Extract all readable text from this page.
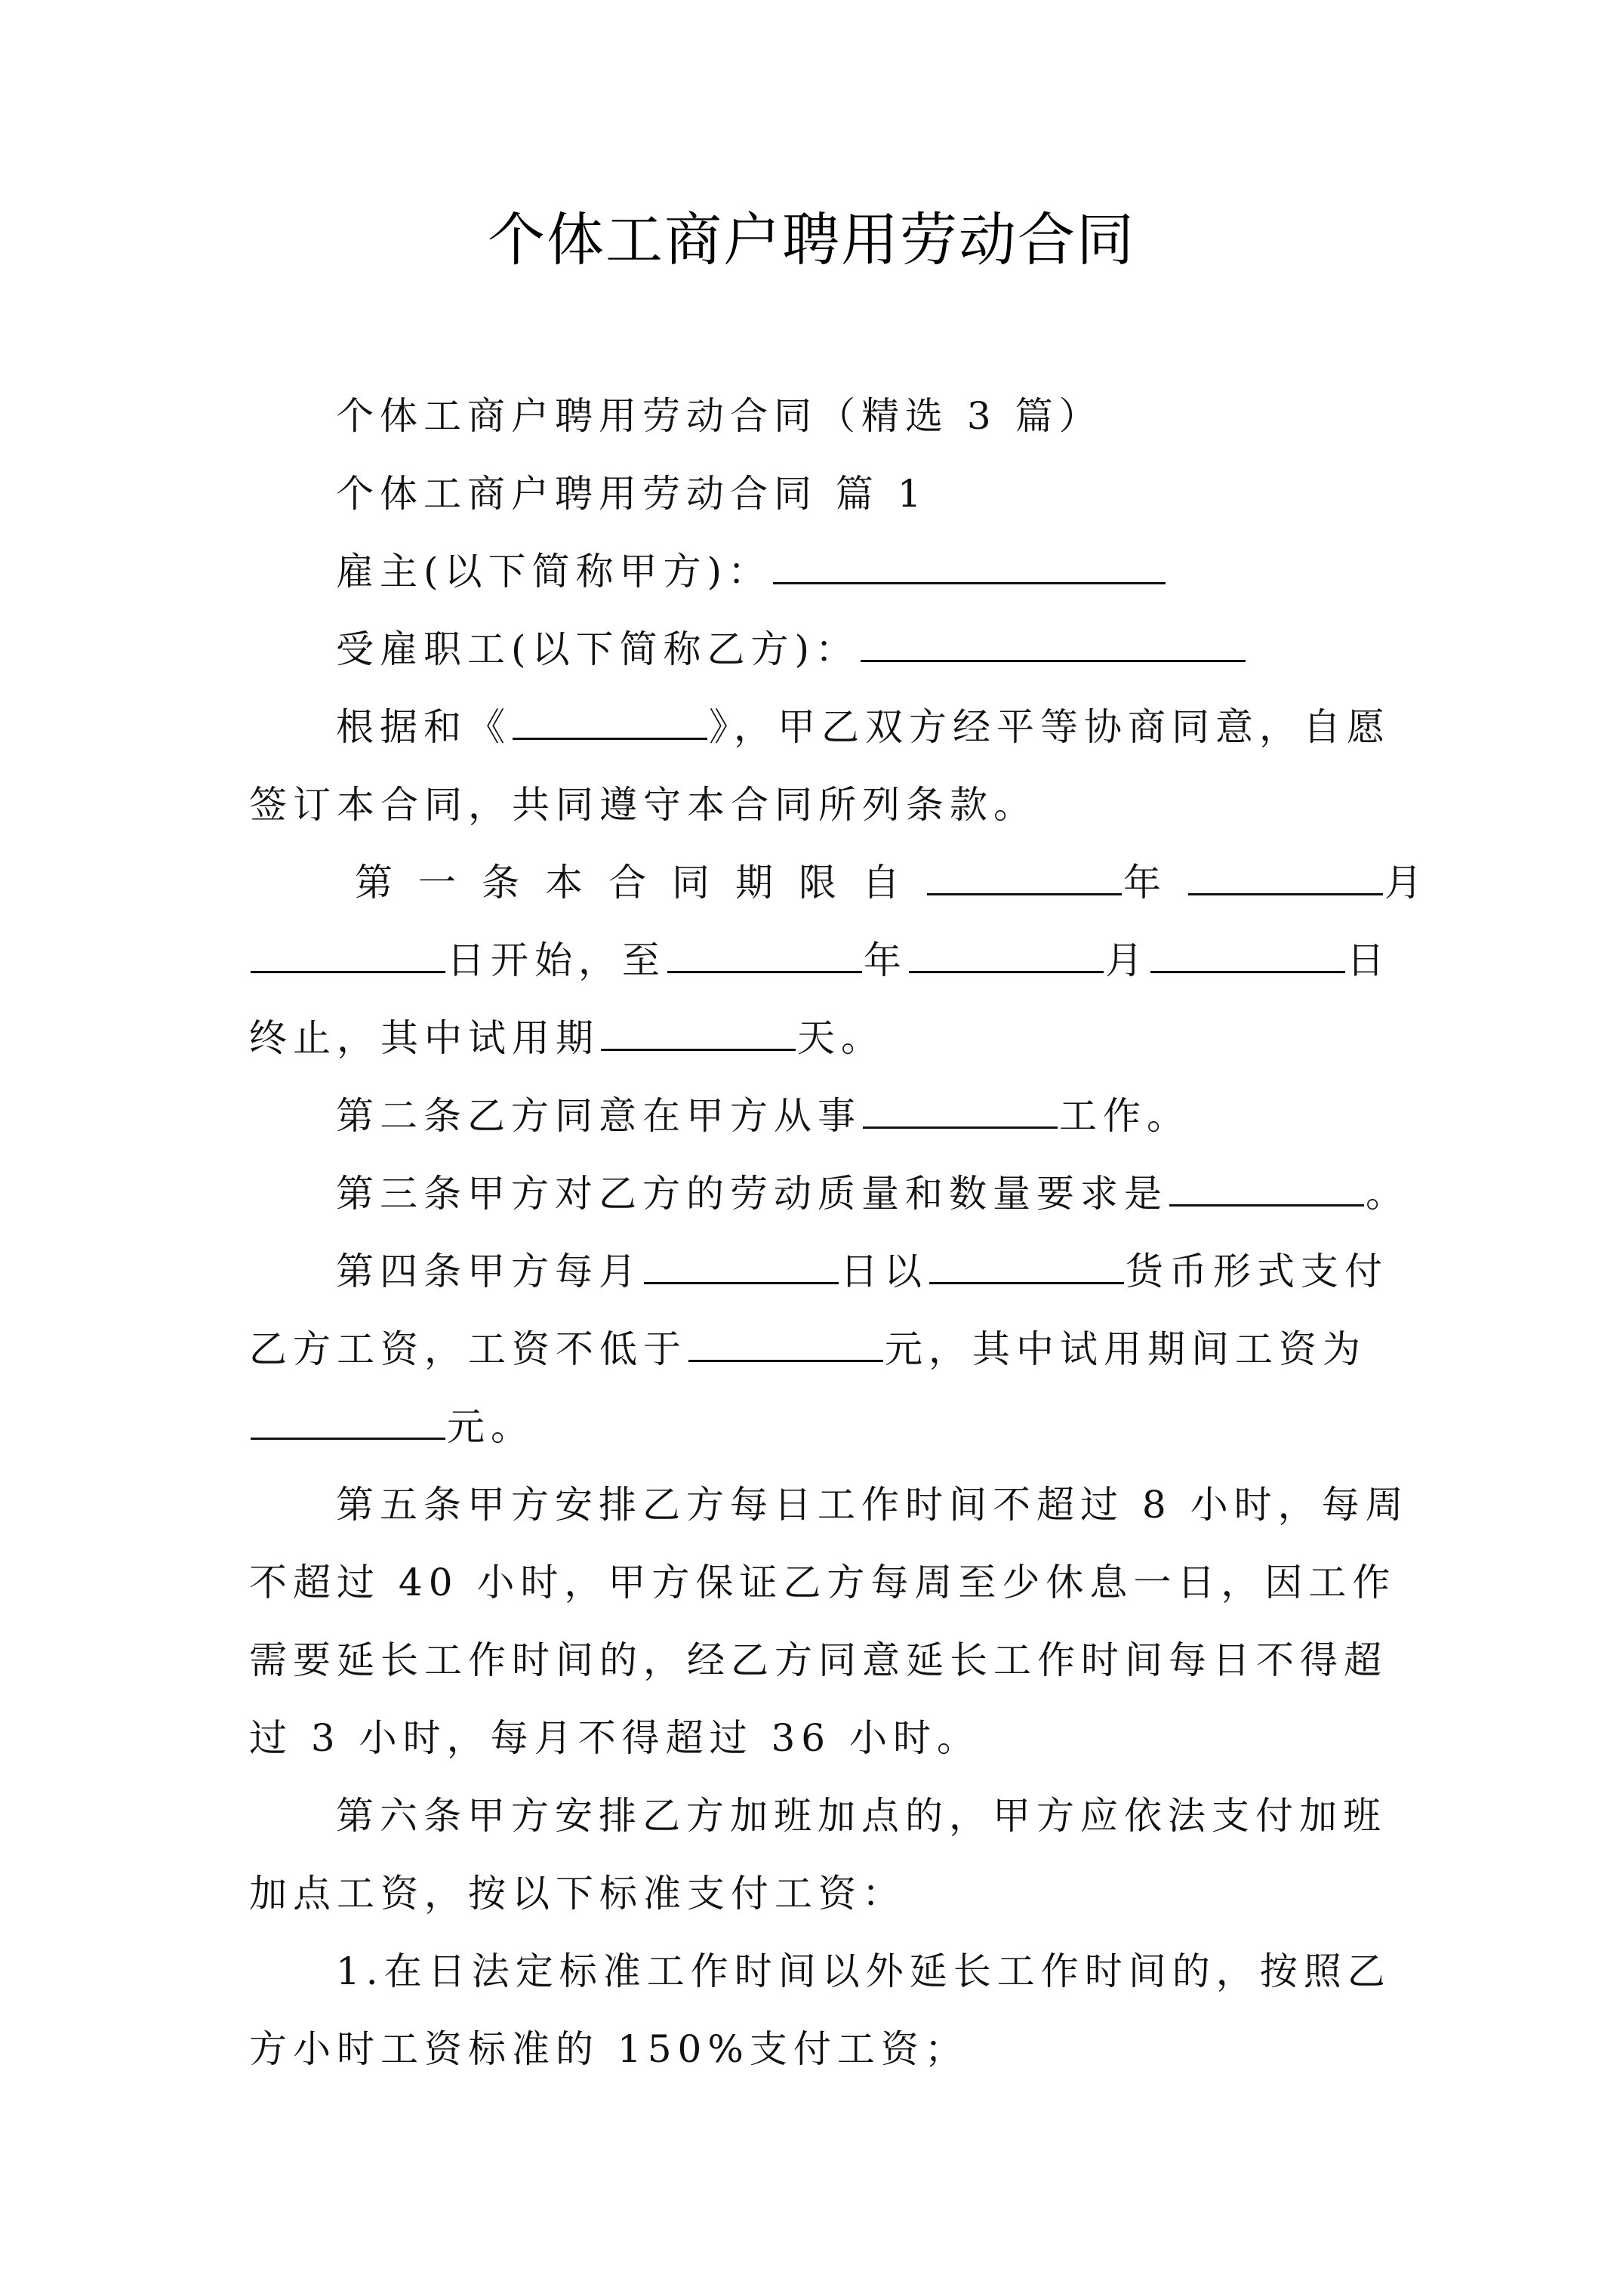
个体工商户聘用劳动合同
个体工商户聘用劳动合同（精选 3 篇）
个体工商户聘用劳动合同 篇 1
雇主(以下简称甲方)：
受雇职工(以下简称乙方)：
根据和《	》，甲乙双方经平等协商同意，自愿
签订本合同，共同遵守本合同所列条款。
第一条本合同期限自	年	月
日开始，至	年	月	日
终止，其中试用期	天。
第二条乙方同意在甲方从事	工作。
第三条甲方对乙方的劳动质量和数量要求是	。
第四条甲方每月	日以	货币形式支付
乙方工资，工资不低于	元，其中试用期间工资为
元。
第五条甲方安排乙方每日工作时间不超过 8 小时，每周
不超过 40 小时，甲方保证乙方每周至少休息一日，因工作
需要延长工作时间的，经乙方同意延长工作时间每日不得超
过 3 小时，每月不得超过 36 小时。
第六条甲方安排乙方加班加点的，甲方应依法支付加班
加点工资，按以下标准支付工资：
1.在日法定标准工作时间以外延长工作时间的，按照乙
方小时工资标准的 150%支付工资；
